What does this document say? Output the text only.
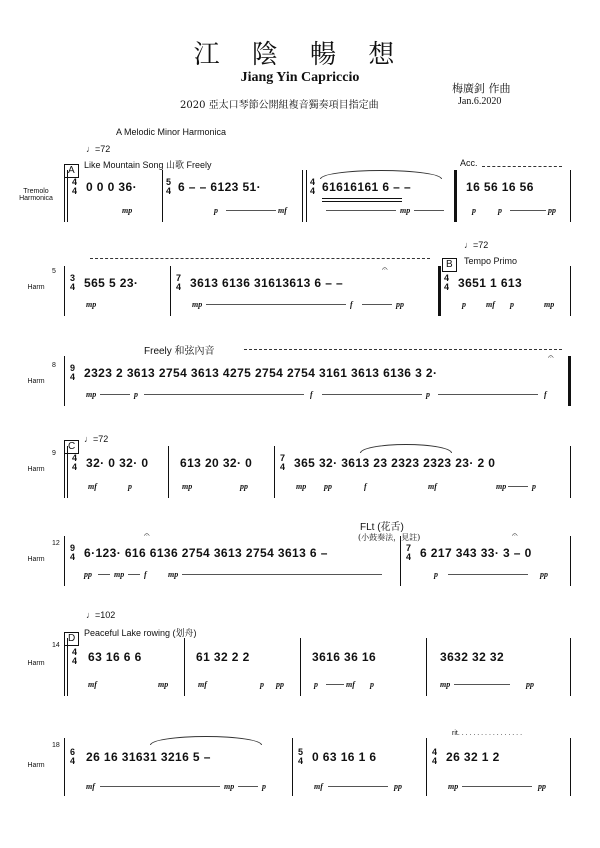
江 陰 暢 想
Jiang Yin Capriccio
2020 亞太口琴節公開組複音獨奏項目指定曲
梅廣釗 作曲
Jan.6.2020
A Melodic Minor Harmonica
♩=72
A	Like Mountain Song 山歌 Freely	Acc.
Tremolo Harmonica
4
4 0 0 0 36·	5
4 6 – – 6123 51·	4
4 61616161 6 – –	16 56 16 56
mp	p	mf	mp	p	p	pp
B
♩=72
Tempo Primo
5
Harm
3
4 565 5 23·	7
4 3613 6136 31613613 6 – –
𝄐
4
4 3651 1 613
mp	mp	f	pp	p	mf p	mp
Freely 和弦內音
8
Harm
9
4 2323 2 3613 2754 3613 4275 2754 2754 3161 3613 6136 3 2·
𝄐
mp	p	f	p	f
C
♩=72
9
Harm
4
4 32· 0 32· 0	613 20 32· 0	7
4 365 32· 3613 23 2323 2323 23· 2 0
mf	p	mp	pp	mp pp	f	mf	mp	p
FLt (花舌)
(小鼓奏法，見註)
12
Harm
9
4 6·123· 616 6136 2754 3613 2754 3613 6 –
𝄐
7
4 6 217 343 33· 3 – 0
𝄐
pp	mp f	mp	p	pp
♩=102
D Peaceful Lake rowing (划舟)
14
Harm
4
4 63 16 6 6	61 32 2 2	3616 36 16	3632 32 32
mf	mp	mf	p pp	p	mf p	mp	pp
rit. . . . . . . . . . . . . . . . .
18
Harm
6
4 26 16 31631 3216 5 –	5
4 0 63 16 1 6	4
4 26 32 1 2
mf	mp	p	mf	pp	mp	pp
